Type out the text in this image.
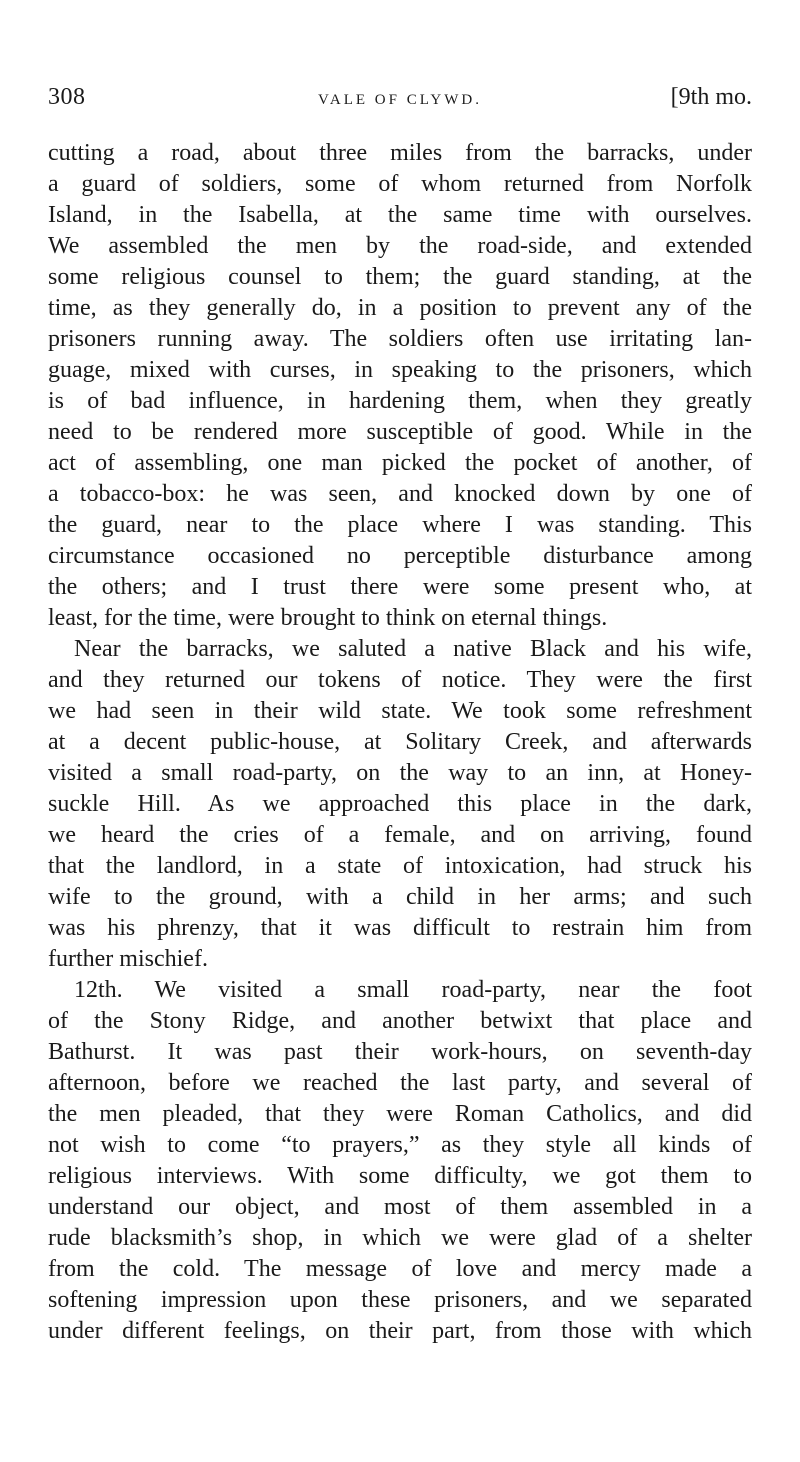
308	VALE OF CLYWD.	[9th mo.
cutting a road, about three miles from the barracks, under
a guard of soldiers, some of whom returned from Norfolk
Island, in the Isabella, at the same time with ourselves.
We assembled the men by the road-side, and extended
some religious counsel to them; the guard standing, at the
time, as they generally do, in a position to prevent any of the
prisoners running away. The soldiers often use irritating lan-
guage, mixed with curses, in speaking to the prisoners, which
is of bad influence, in hardening them, when they greatly
need to be rendered more susceptible of good. While in the
act of assembling, one man picked the pocket of another, of
a tobacco-box: he was seen, and knocked down by one of
the guard, near to the place where I was standing. This
circumstance occasioned no perceptible disturbance among
the others; and I trust there were some present who, at
least, for the time, were brought to think on eternal things.
Near the barracks, we saluted a native Black and his wife,
and they returned our tokens of notice. They were the first
we had seen in their wild state. We took some refreshment
at a decent public-house, at Solitary Creek, and afterwards
visited a small road-party, on the way to an inn, at Honey-
suckle Hill. As we approached this place in the dark,
we heard the cries of a female, and on arriving, found
that the landlord, in a state of intoxication, had struck his
wife to the ground, with a child in her arms; and such
was his phrenzy, that it was difficult to restrain him from
further mischief.
12th. We visited a small road-party, near the foot
of the Stony Ridge, and another betwixt that place and
Bathurst. It was past their work-hours, on seventh-day
afternoon, before we reached the last party, and several of
the men pleaded, that they were Roman Catholics, and did
not wish to come “to prayers,” as they style all kinds of
religious interviews. With some difficulty, we got them to
understand our object, and most of them assembled in a
rude blacksmith’s shop, in which we were glad of a shelter
from the cold. The message of love and mercy made a
softening impression upon these prisoners, and we separated
under different feelings, on their part, from those with which
